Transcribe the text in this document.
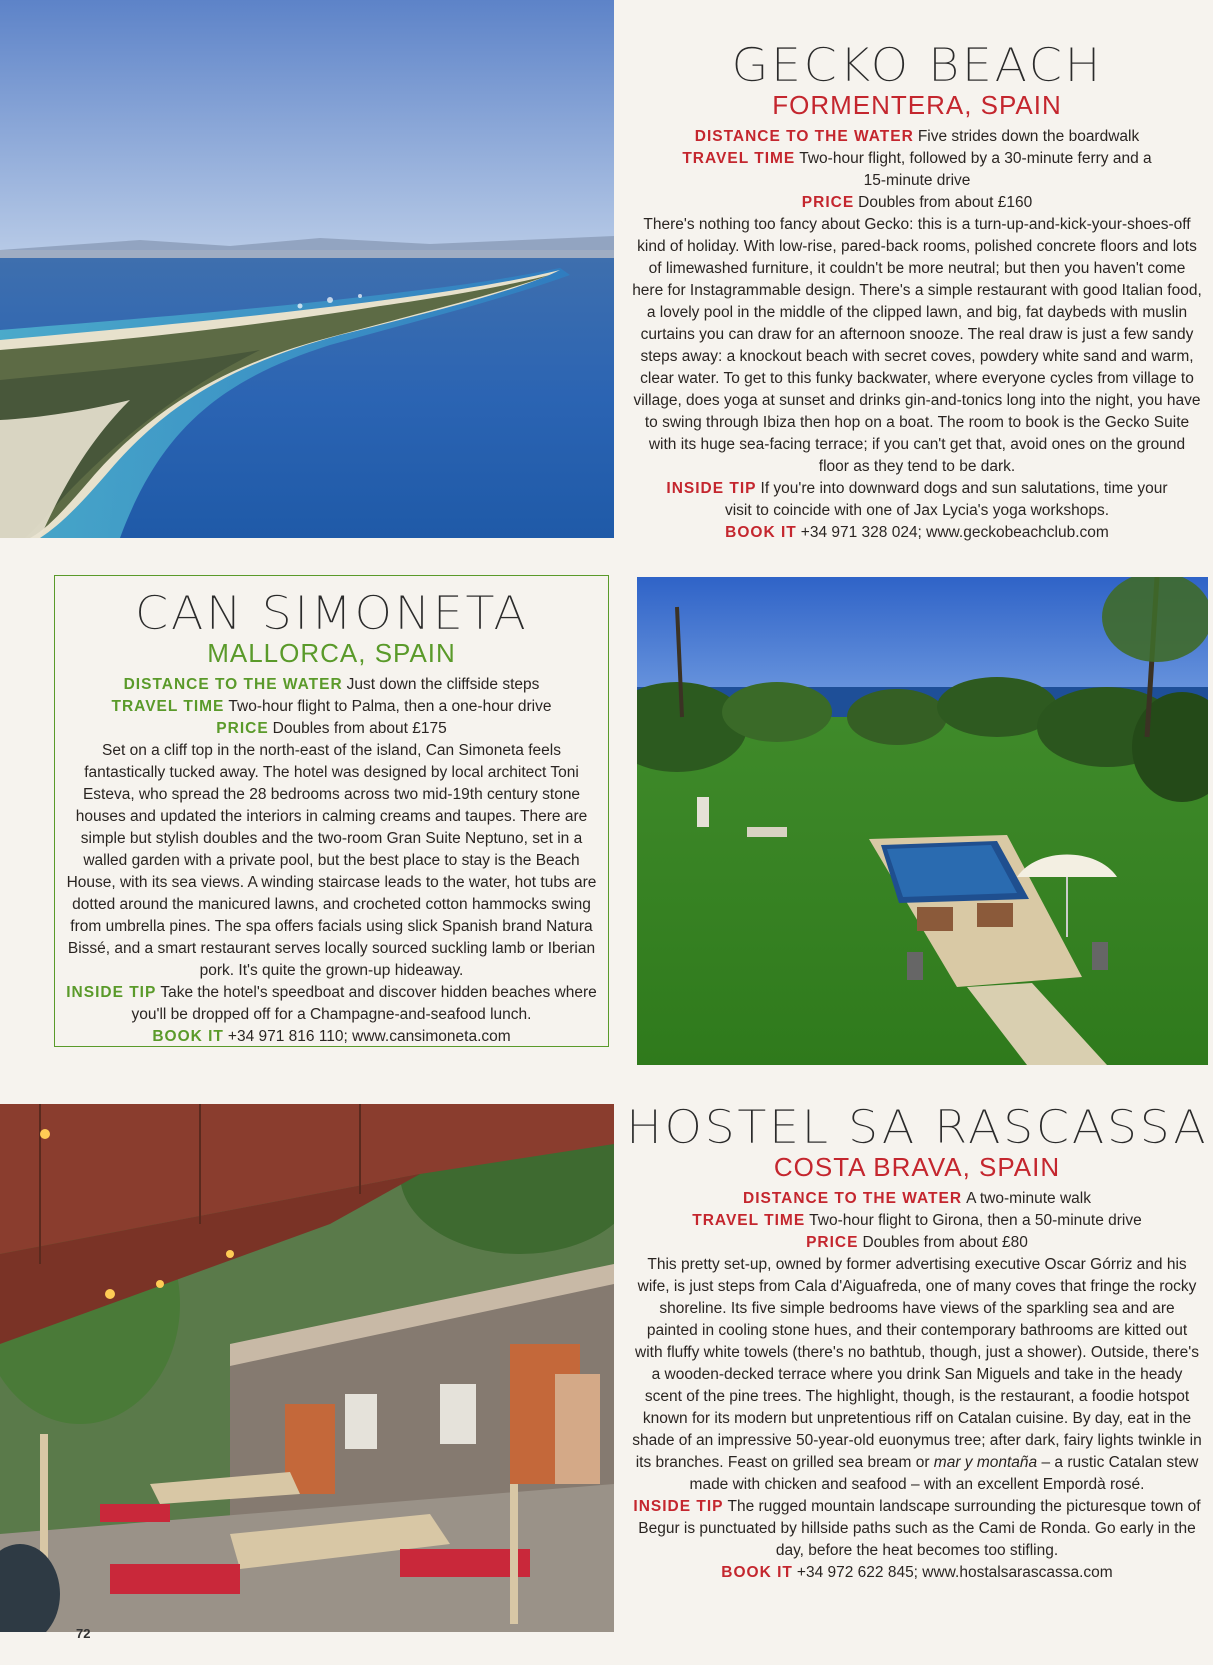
GECKO BEACH

FORMENTERA, SPAIN

DISTANCE TO THE WATER Five strides down the boardwalk

TRAVEL TIME Two-hour flight, followed by a 30-minute ferry and a 15-minute drive

PRICE Doubles from about £160

There's nothing too fancy about Gecko: this is a turn-up-and-kick-your-shoes-off kind of holiday. With low-rise, pared-back rooms, polished concrete floors and lots of limewashed furniture, it couldn't be more neutral; but then you haven't come here for Instagrammable design. There's a simple restaurant with good Italian food, a lovely pool in the middle of the clipped lawn, and big, fat daybeds with muslin curtains you can draw for an afternoon snooze. The real draw is just a few sandy steps away: a knockout beach with secret coves, powdery white sand and warm, clear water. To get to this funky backwater, where everyone cycles from village to village, does yoga at sunset and drinks gin-and-tonics long into the night, you have to swing through Ibiza then hop on a boat. The room to book is the Gecko Suite with its huge sea-facing terrace; if you can't get that, avoid ones on the ground floor as they tend to be dark.

INSIDE TIP If you're into downward dogs and sun salutations, time your visit to coincide with one of Jax Lycia's yoga workshops.

BOOK IT +34 971 328 024; www.geckobeachclub.com

CAN SIMONETA

MALLORCA, SPAIN

DISTANCE TO THE WATER Just down the cliffside steps

TRAVEL TIME Two-hour flight to Palma, then a one-hour drive

PRICE Doubles from about £175

Set on a cliff top in the north-east of the island, Can Simoneta feels fantastically tucked away. The hotel was designed by local architect Toni Esteva, who spread the 28 bedrooms across two mid-19th century stone houses and updated the interiors in calming creams and taupes. There are simple but stylish doubles and the two-room Gran Suite Neptuno, set in a walled garden with a private pool, but the best place to stay is the Beach House, with its sea views. A winding staircase leads to the water, hot tubs are dotted around the manicured lawns, and crocheted cotton hammocks swing from umbrella pines. The spa offers facials using slick Spanish brand Natura Bissé, and a smart restaurant serves locally sourced suckling lamb or Iberian pork. It's quite the grown-up hideaway.

INSIDE TIP Take the hotel's speedboat and discover hidden beaches where you'll be dropped off for a Champagne-and-seafood lunch.

BOOK IT +34 971 816 110; www.cansimoneta.com

HOSTEL SA RASCASSA

COSTA BRAVA, SPAIN

DISTANCE TO THE WATER A two-minute walk

TRAVEL TIME Two-hour flight to Girona, then a 50-minute drive

PRICE Doubles from about £80

This pretty set-up, owned by former advertising executive Oscar Górriz and his wife, is just steps from Cala d'Aiguafreda, one of many coves that fringe the rocky shoreline. Its five simple bedrooms have views of the sparkling sea and are painted in cooling stone hues, and their contemporary bathrooms are kitted out with fluffy white towels (there's no bathtub, though, just a shower). Outside, there's a wooden-decked terrace where you drink San Miguels and take in the heady scent of the pine trees. The highlight, though, is the restaurant, a foodie hotspot known for its modern but unpretentious riff on Catalan cuisine. By day, eat in the shade of an impressive 50-year-old euonymus tree; after dark, fairy lights twinkle in its branches. Feast on grilled sea bream or mar y montaña – a rustic Catalan stew made with chicken and seafood – with an excellent Empordà rosé.

INSIDE TIP The rugged mountain landscape surrounding the picturesque town of Begur is punctuated by hillside paths such as the Cami de Ronda. Go early in the day, before the heat becomes too stifling.

BOOK IT +34 972 622 845; www.hostalsarascassa.com

72
